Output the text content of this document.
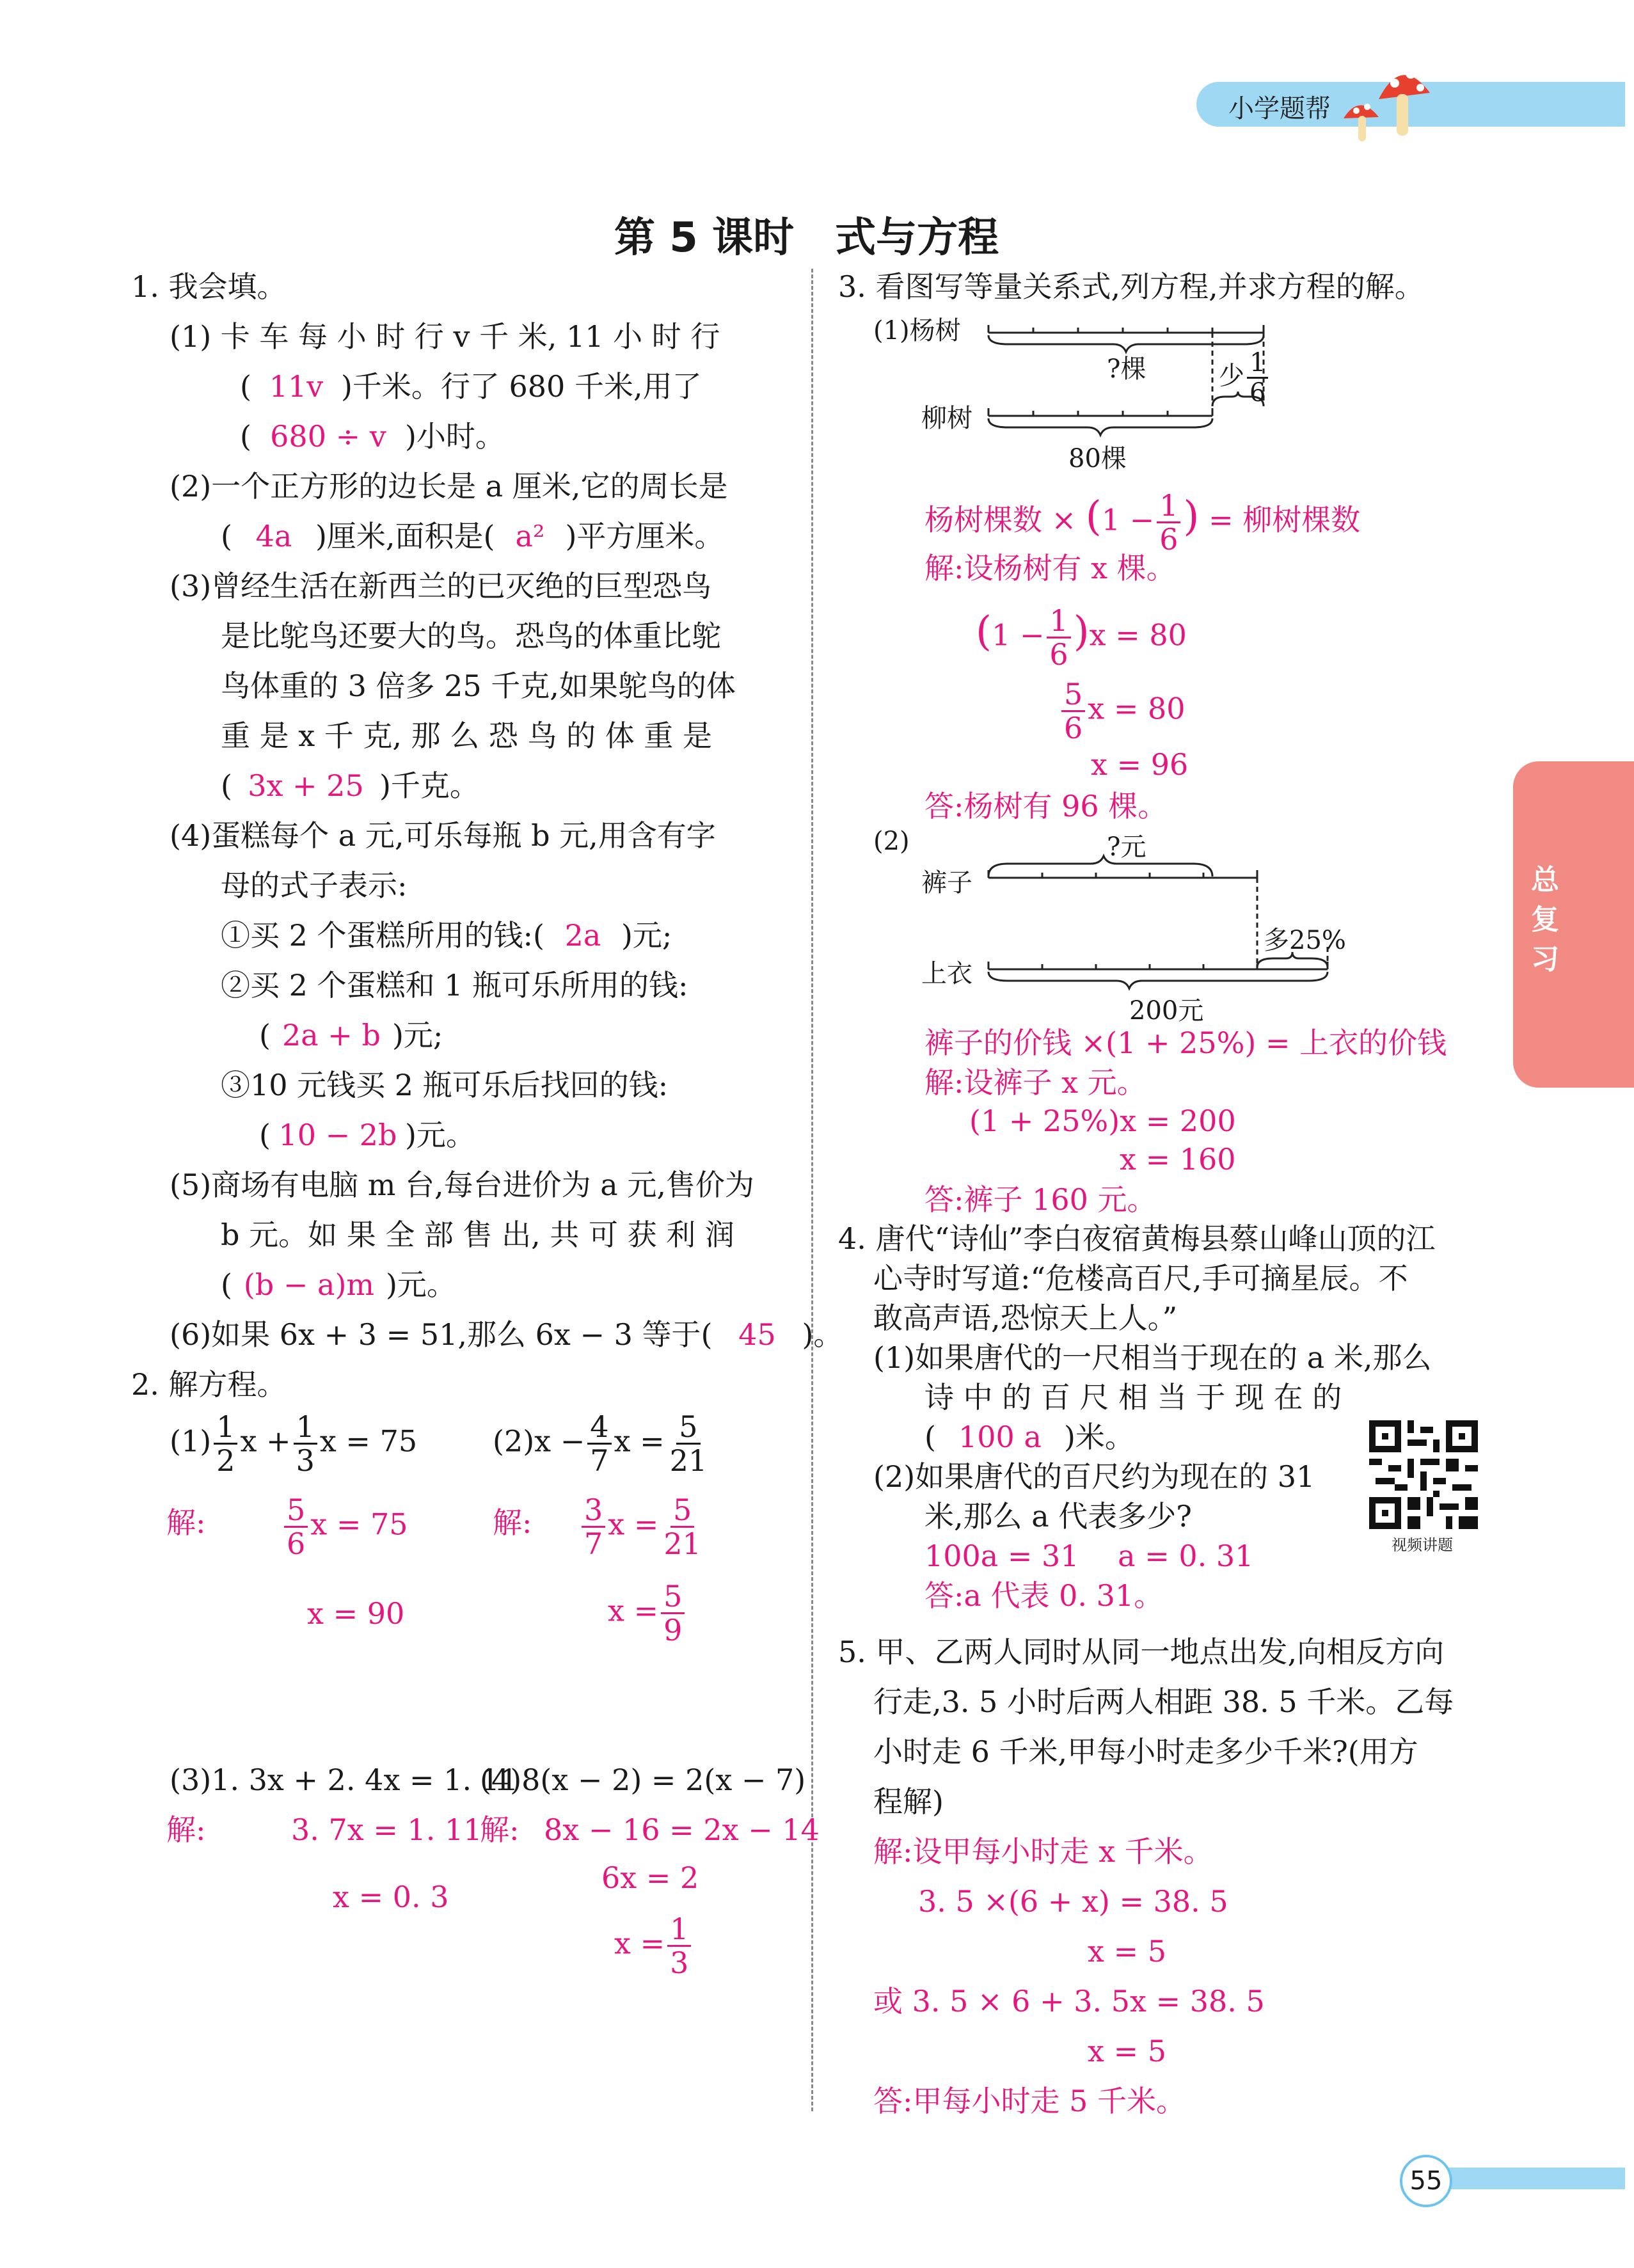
小学题帮
总复习
第 5 课时　式与方程
1. 我会填。
(1) 卡 车 每 小 时 行 v 千 米, 11 小 时 行
( 11v )千米。行了 680 千米,用了
( 680 ÷ v )小时。
(2)一个正方形的边长是 a 厘米,它的周长是
( 4a )厘米,面积是( a² )平方厘米。
(3)曾经生活在新西兰的已灭绝的巨型恐鸟
是比鸵鸟还要大的鸟。恐鸟的体重比鸵
鸟体重的 3 倍多 25 千克,如果鸵鸟的体
重 是 x 千 克, 那 么 恐 鸟 的 体 重 是
( 3x + 25 )千克。
(4)蛋糕每个 a 元,可乐每瓶 b 元,用含有字
母的式子表示:
①买 2 个蛋糕所用的钱:( 2a )元;
②买 2 个蛋糕和 1 瓶可乐所用的钱:
( 2a + b )元;
③10 元钱买 2 瓶可乐后找回的钱:
( 10 − 2b )元。
(5)商场有电脑 m 台,每台进价为 a 元,售价为
b 元。如 果 全 部 售 出, 共 可 获 利 润
( (b − a)m )元。
(6)如果 6x + 3 = 51,那么 6x − 3 等于( 45 )。
2. 解方程。
$(1) \frac{1}{2}$ $x + \frac{1}{3}$ x = 75
解:	$\frac{5}{6}$ x = 75
x = 90
$(2)x - \frac{4}{7}$ $x = \frac{5}{21}$
解: $\frac{3}{7}$ $x = \frac{5}{21}$
$x = \frac{5}{9}$
(3)1. 3x + 2. 4x = 1. 11
解:	3. 7x = 1. 11
x = 0. 3
(4)8(x − 2) = 2(x − 7)
解: 8x − 16 = 2x − 14
6x = 2
$x = \frac{1}{3}$
3. 看图写等量关系式,列方程,并求方程的解。
(1)杨树
?棵	少 $\frac{1}{6}$
柳树
80棵
杨树棵数 × ($1 - \frac{1}{6}$ ) = 柳树棵数
解:设杨树有 x 棵。
$(1 - \frac{1}{6} )x = 80$
$\frac{5}{6}$ x = 80
x = 96
答:杨树有 96 棵。
(2)	?元
裤子
多25%
上衣
200元
裤子的价钱 ×(1 + 25%) = 上衣的价钱
解:设裤子 x 元。
(1 + 25%)x = 200
x = 160
答:裤子 160 元。
4. 唐代“诗仙”李白夜宿黄梅县蔡山峰山顶的江
心寺时写道:“危楼高百尺,手可摘星辰。不
敢高声语,恐惊天上人。”
(1)如果唐代的一尺相当于现在的 a 米,那么
诗 中 的 百 尺 相 当 于 现 在 的
( 100 a )米。
(2)如果唐代的百尺约为现在的 31
米,那么 a 代表多少?
100a = 31　 a = 0. 31
答:a 代表 0. 31。
视频讲题
5. 甲、乙两人同时从同一地点出发,向相反方向
行走,3. 5 小时后两人相距 38. 5 千米。乙每
小时走 6 千米,甲每小时走多少千米?(用方
程解)
解:设甲每小时走 x 千米。
3. 5 ×(6 + x) = 38. 5
x = 5
或 3. 5 × 6 + 3. 5x = 38. 5
x = 5
答:甲每小时走 5 千米。
55
